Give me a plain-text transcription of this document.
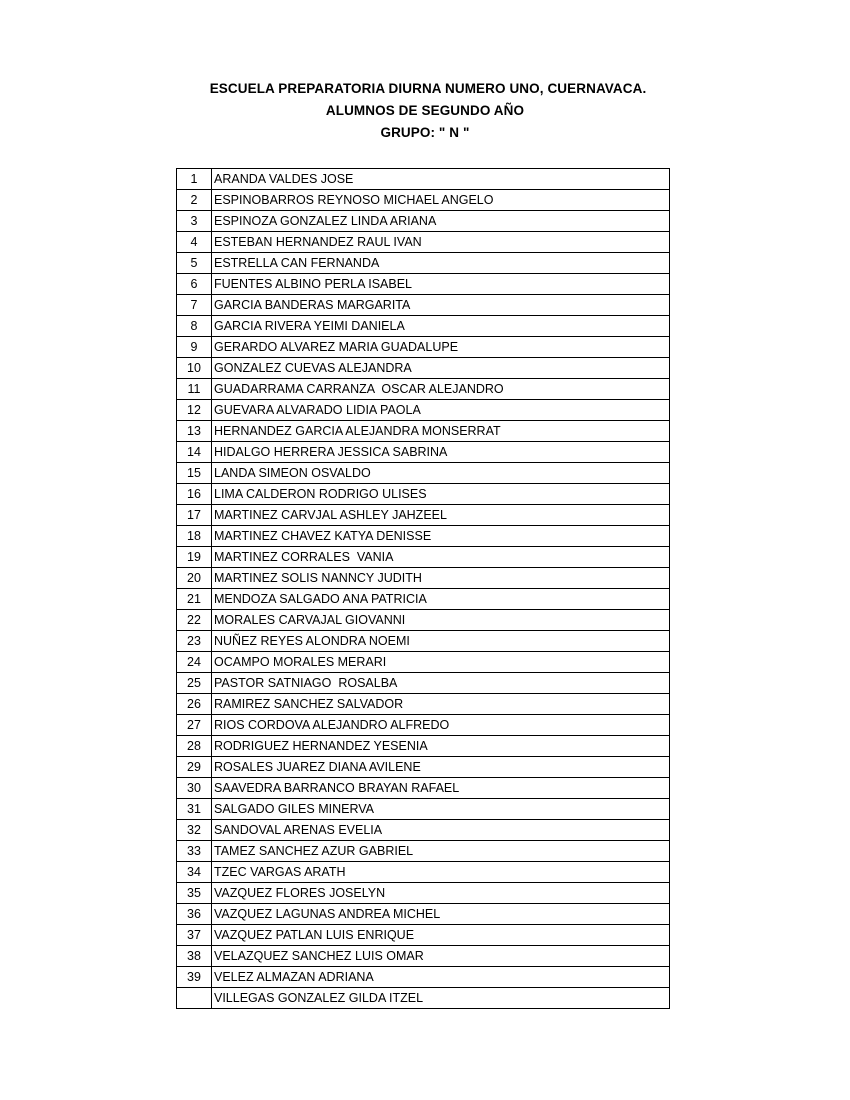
ESCUELA PREPARATORIA DIURNA NUMERO UNO, CUERNAVACA.
ALUMNOS DE SEGUNDO AÑO
GRUPO: " N "
1	ARANDA VALDES JOSE
2	ESPINOBARROS REYNOSO MICHAEL ANGELO
3	ESPINOZA GONZALEZ LINDA ARIANA
4	ESTEBAN HERNANDEZ RAUL IVAN
5	ESTRELLA CAN FERNANDA
6	FUENTES ALBINO PERLA ISABEL
7	GARCIA BANDERAS MARGARITA
8	GARCIA RIVERA YEIMI DANIELA
9	GERARDO ALVAREZ MARIA GUADALUPE
10	GONZALEZ CUEVAS ALEJANDRA
11	GUADARRAMA CARRANZA  OSCAR ALEJANDRO
12	GUEVARA ALVARADO LIDIA PAOLA
13	HERNANDEZ GARCIA ALEJANDRA MONSERRAT
14	HIDALGO HERRERA JESSICA SABRINA
15	LANDA SIMEON OSVALDO
16	LIMA CALDERON RODRIGO ULISES
17	MARTINEZ CARVJAL ASHLEY JAHZEEL
18	MARTINEZ CHAVEZ KATYA DENISSE
19	MARTINEZ CORRALES  VANIA
20	MARTINEZ SOLIS NANNCY JUDITH
21	MENDOZA SALGADO ANA PATRICIA
22	MORALES CARVAJAL GIOVANNI
23	NUÑEZ REYES ALONDRA NOEMI
24	OCAMPO MORALES MERARI
25	PASTOR SATNIAGO  ROSALBA
26	RAMIREZ SANCHEZ SALVADOR
27	RIOS CORDOVA ALEJANDRO ALFREDO
28	RODRIGUEZ HERNANDEZ YESENIA
29	ROSALES JUAREZ DIANA AVILENE
30	SAAVEDRA BARRANCO BRAYAN RAFAEL
31	SALGADO GILES MINERVA
32	SANDOVAL ARENAS EVELIA
33	TAMEZ SANCHEZ AZUR GABRIEL
34	TZEC VARGAS ARATH
35	VAZQUEZ FLORES JOSELYN
36	VAZQUEZ LAGUNAS ANDREA MICHEL
37	VAZQUEZ PATLAN LUIS ENRIQUE
38	VELAZQUEZ SANCHEZ LUIS OMAR
39	VELEZ ALMAZAN ADRIANA
	VILLEGAS GONZALEZ GILDA ITZEL
